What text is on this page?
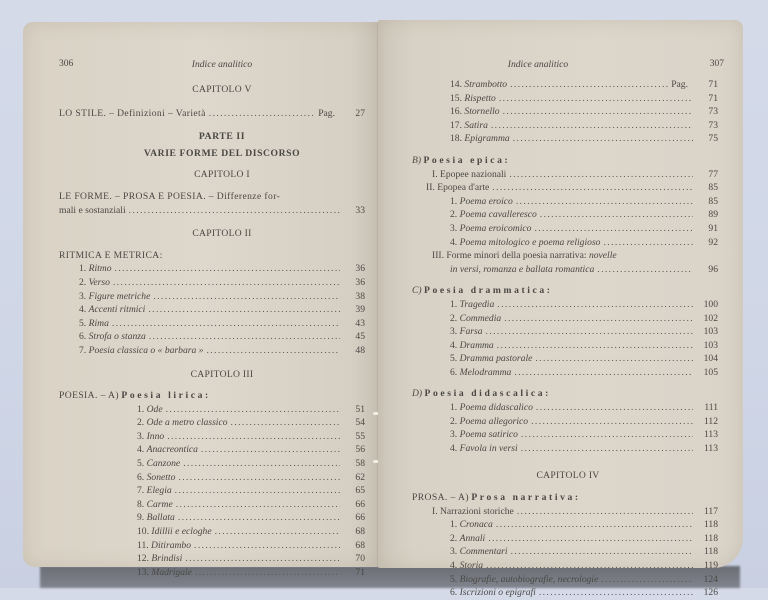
306	Indice analitico

CAPITOLO V

LO STILE. – Definizioni – Varietà .....	Pag.	27

PARTE II

VARIE FORME DEL DISCORSO

CAPITOLO I

LE FORME. – PROSA E POESIA. – Differenze for-
mali e sostanziali .....	33

CAPITOLO II

RITMICA E METRICA:
1. Ritmo .....	36
2. Verso .....	36
3. Figure metriche .....	38
4. Accenti ritmici .....	39
5. Rima .....	43
6. Strofa o stanza .....	45
7. Poesia classica o « barbara » .....	48

CAPITOLO III

POESIA. – A) Poesia lirica:
1. Ode .....	51
2. Ode a metro classico .....	54
3. Inno .....	55
4. Anacreontica .....	56
5. Canzone .....	58
6. Sonetto .....	62
7. Elegia .....	65
8. Carme .....	66
9. Ballata .....	66
10. Idillii e ecloghe .....	68
11. Ditirambo .....	68
12. Brindisi .....	70
13. Madrigale .....	71
Indice analitico	307
14. Strambotto .....	Pag.	71
15. Rispetto .....	71
16. Stornello .....	73
17. Satira .....	73
18. Epigramma .....	75
B) Poesia epica:
I. Epopee nazionali .....	77
II. Epopea d'arte .....	85
1. Poema eroico .....	85
2. Poema cavalleresco .....	89
3. Poema eroicomico .....	91
4. Poema mitologico e poema religioso .....	92
III. Forme minori della poesia narrativa: novelle
in versi, romanza e ballata romantica .....	96
C) Poesia drammatica:
1. Tragedia .....	100
2. Commedia .....	102
3. Farsa .....	103
4. Dramma .....	103
5. Dramma pastorale .....	104
6. Melodramma .....	105
D) Poesia didascalica:
1. Poema didascalico .....	111
2. Poema allegorico .....	112
3. Poema satirico .....	113
4. Favola in versi .....	113

CAPITOLO IV

PROSA. – A) Prosa narrativa:
I. Narrazioni storiche .....	117
1. Cronaca .....	118
2. Annali .....	118
3. Commentari .....	118
4. Storia .....	119
5. Biografie, autobiografie, necrologie .....	124
6. Iscrizioni o epigrafi .....	126
